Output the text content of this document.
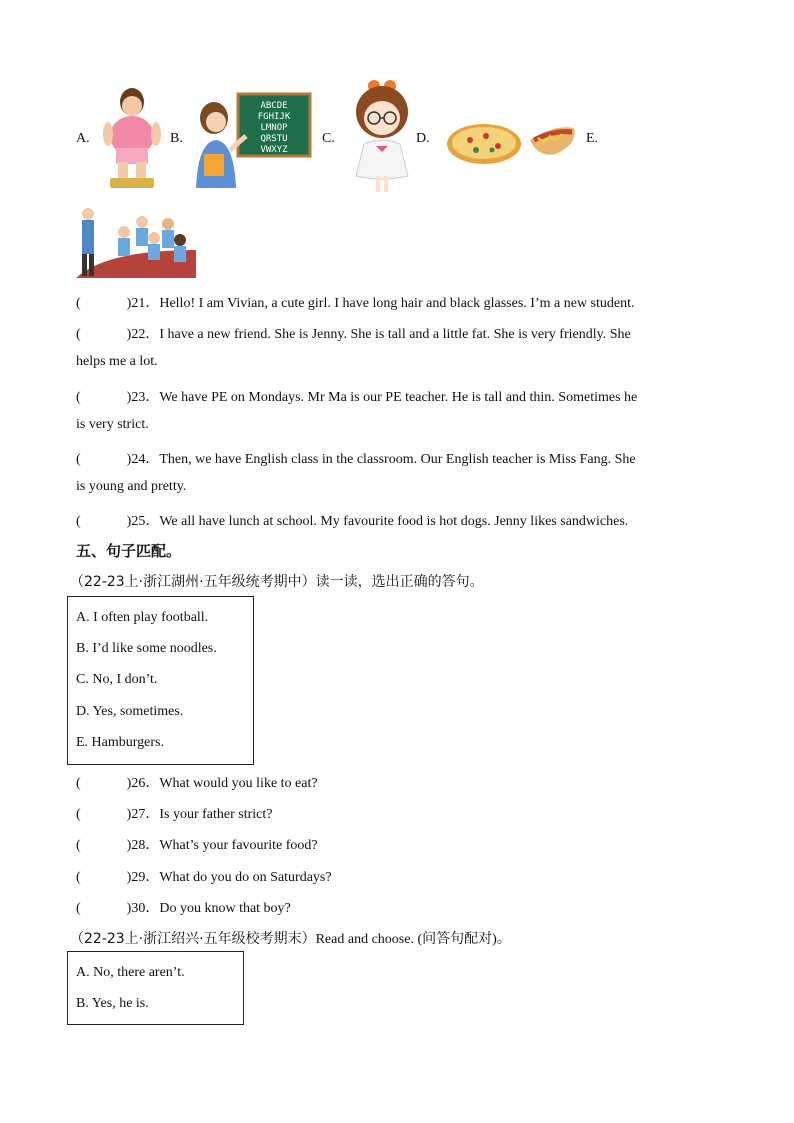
A.	B.
ABCDE
FGHIJK
LMNOP
QRSTU
VWXYZ
C.	D.	E.
(	)21．Hello! I am Vivian, a cute girl. I have long hair and black glasses. I’m a new student.
(	)22．I have a new friend. She is Jenny. She is tall and a little fat. She is very friendly. She
helps me a lot.
(	)23．We have PE on Mondays. Mr Ma is our PE teacher. He is tall and thin. Sometimes he
is very strict.
(	)24．Then, we have English class in the classroom. Our English teacher is Miss Fang. She
is young and pretty.
(	)25．We all have lunch at school. My favourite food is hot dogs. Jenny likes sandwiches.
五、句子匹配。
（22-23上·浙江湖州·五年级统考期中）读一读，选出正确的答句。
A. I often play football.
B. I’d like some noodles.
C. No, I don’t.
D. Yes, sometimes.
E. Hamburgers.
(	)26．What would you like to eat?
(	)27．Is your father strict?
(	)28．What’s your favourite food?
(	)29．What do you do on Saturdays?
(	)30．Do you know that boy?
（22-23上·浙江绍兴·五年级校考期末）Read and choose. (问答句配对)。
A. No, there aren’t.
B. Yes, he is.
